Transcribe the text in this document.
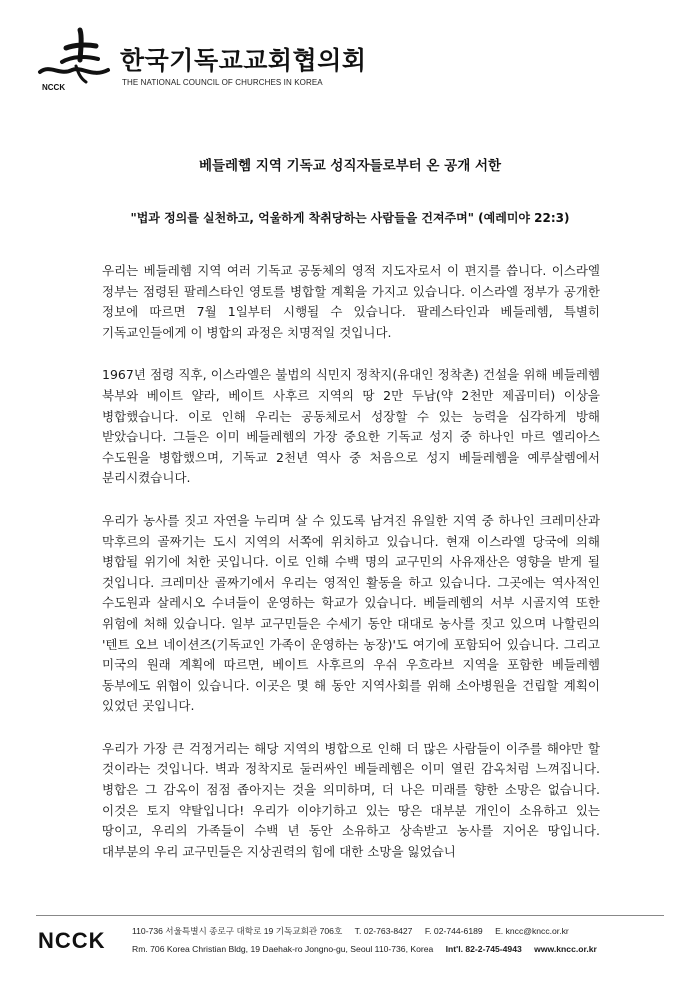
NCCK
한국기독교교회협의회
THE NATIONAL COUNCIL OF CHURCHES IN KOREA
베들레헴 지역 기독교 성직자들로부터 온 공개 서한
"법과 정의를 실천하고, 억울하게 착취당하는 사람들을 건져주며" (예레미야 22:3)

우리는 베들레헴 지역 여러 기독교 공동체의 영적 지도자로서 이 편지를 씁니다. 이스라엘 정부는 점령된 팔레스타인 영토를 병합할 계획을 가지고 있습니다. 이스라엘 정부가 공개한 정보에 따르면 7월 1일부터 시행될 수 있습니다. 팔레스타인과 베들레헴, 특별히 기독교인들에게 이 병합의 과정은 치명적일 것입니다.

1967년 점령 직후, 이스라엘은 불법의 식민지 정착지(유대인 정착촌) 건설을 위해 베들레헴 북부와 베이트 얄라, 베이트 사후르 지역의 땅 2만 두남(약 2천만 제곱미터) 이상을 병합했습니다. 이로 인해 우리는 공동체로서 성장할 수 있는 능력을 심각하게 방해 받았습니다. 그들은 이미 베들레헴의 가장 중요한 기독교 성지 중 하나인 마르 엘리아스 수도원을 병합했으며, 기독교 2천년 역사 중 처음으로 성지 베들레헴을 예루살렘에서 분리시켰습니다.

우리가 농사를 짓고 자연을 누리며 살 수 있도록 남겨진 유일한 지역 중 하나인 크레미산과 막후르의 골짜기는 도시 지역의 서쪽에 위치하고 있습니다. 현재 이스라엘 당국에 의해 병합될 위기에 처한 곳입니다. 이로 인해 수백 명의 교구민의 사유재산은 영향을 받게 될 것입니다. 크레미산 골짜기에서 우리는 영적인 활동을 하고 있습니다. 그곳에는 역사적인 수도원과 살레시오 수녀들이 운영하는 학교가 있습니다. 베들레헴의 서부 시골지역 또한 위험에 처해 있습니다. 일부 교구민들은 수세기 동안 대대로 농사를 짓고 있으며 나할린의 '텐트 오브 네이션즈(기독교인 가족이 운영하는 농장)'도 여기에 포함되어 있습니다. 그리고 미국의 원래 계획에 따르면, 베이트 사후르의 우쉬 우흐라브 지역을 포함한 베들레헴 동부에도 위협이 있습니다. 이곳은 몇 해 동안 지역사회를 위해 소아병원을 건립할 계획이 있었던 곳입니다.

우리가 가장 큰 걱정거리는 해당 지역의 병합으로 인해 더 많은 사람들이 이주를 해야만 할 것이라는 것입니다. 벽과 정착지로 둘러싸인 베들레헴은 이미 열린 감옥처럼 느껴집니다. 병합은 그 감옥이 점점 좁아지는 것을 의미하며, 더 나은 미래를 향한 소망은 없습니다. 이것은 토지 약탈입니다! 우리가 이야기하고 있는 땅은 대부분 개인이 소유하고 있는 땅이고, 우리의 가족들이 수백 년 동안 소유하고 상속받고 농사를 지어온 땅입니다. 대부분의 우리 교구민들은 지상권력의 힘에 대한 소망을 잃었습니

NCCK	110-736 서울특별시 종로구 대학로 19 기독교회관 706호 T. 02-763-8427 F. 02-744-6189 E. kncc@kncc.or.kr
Rm. 706 Korea Christian Bldg, 19 Daehak-ro Jongno-gu, Seoul 110-736, Korea Int'l. 82-2-745-4943 www.kncc.or.kr
